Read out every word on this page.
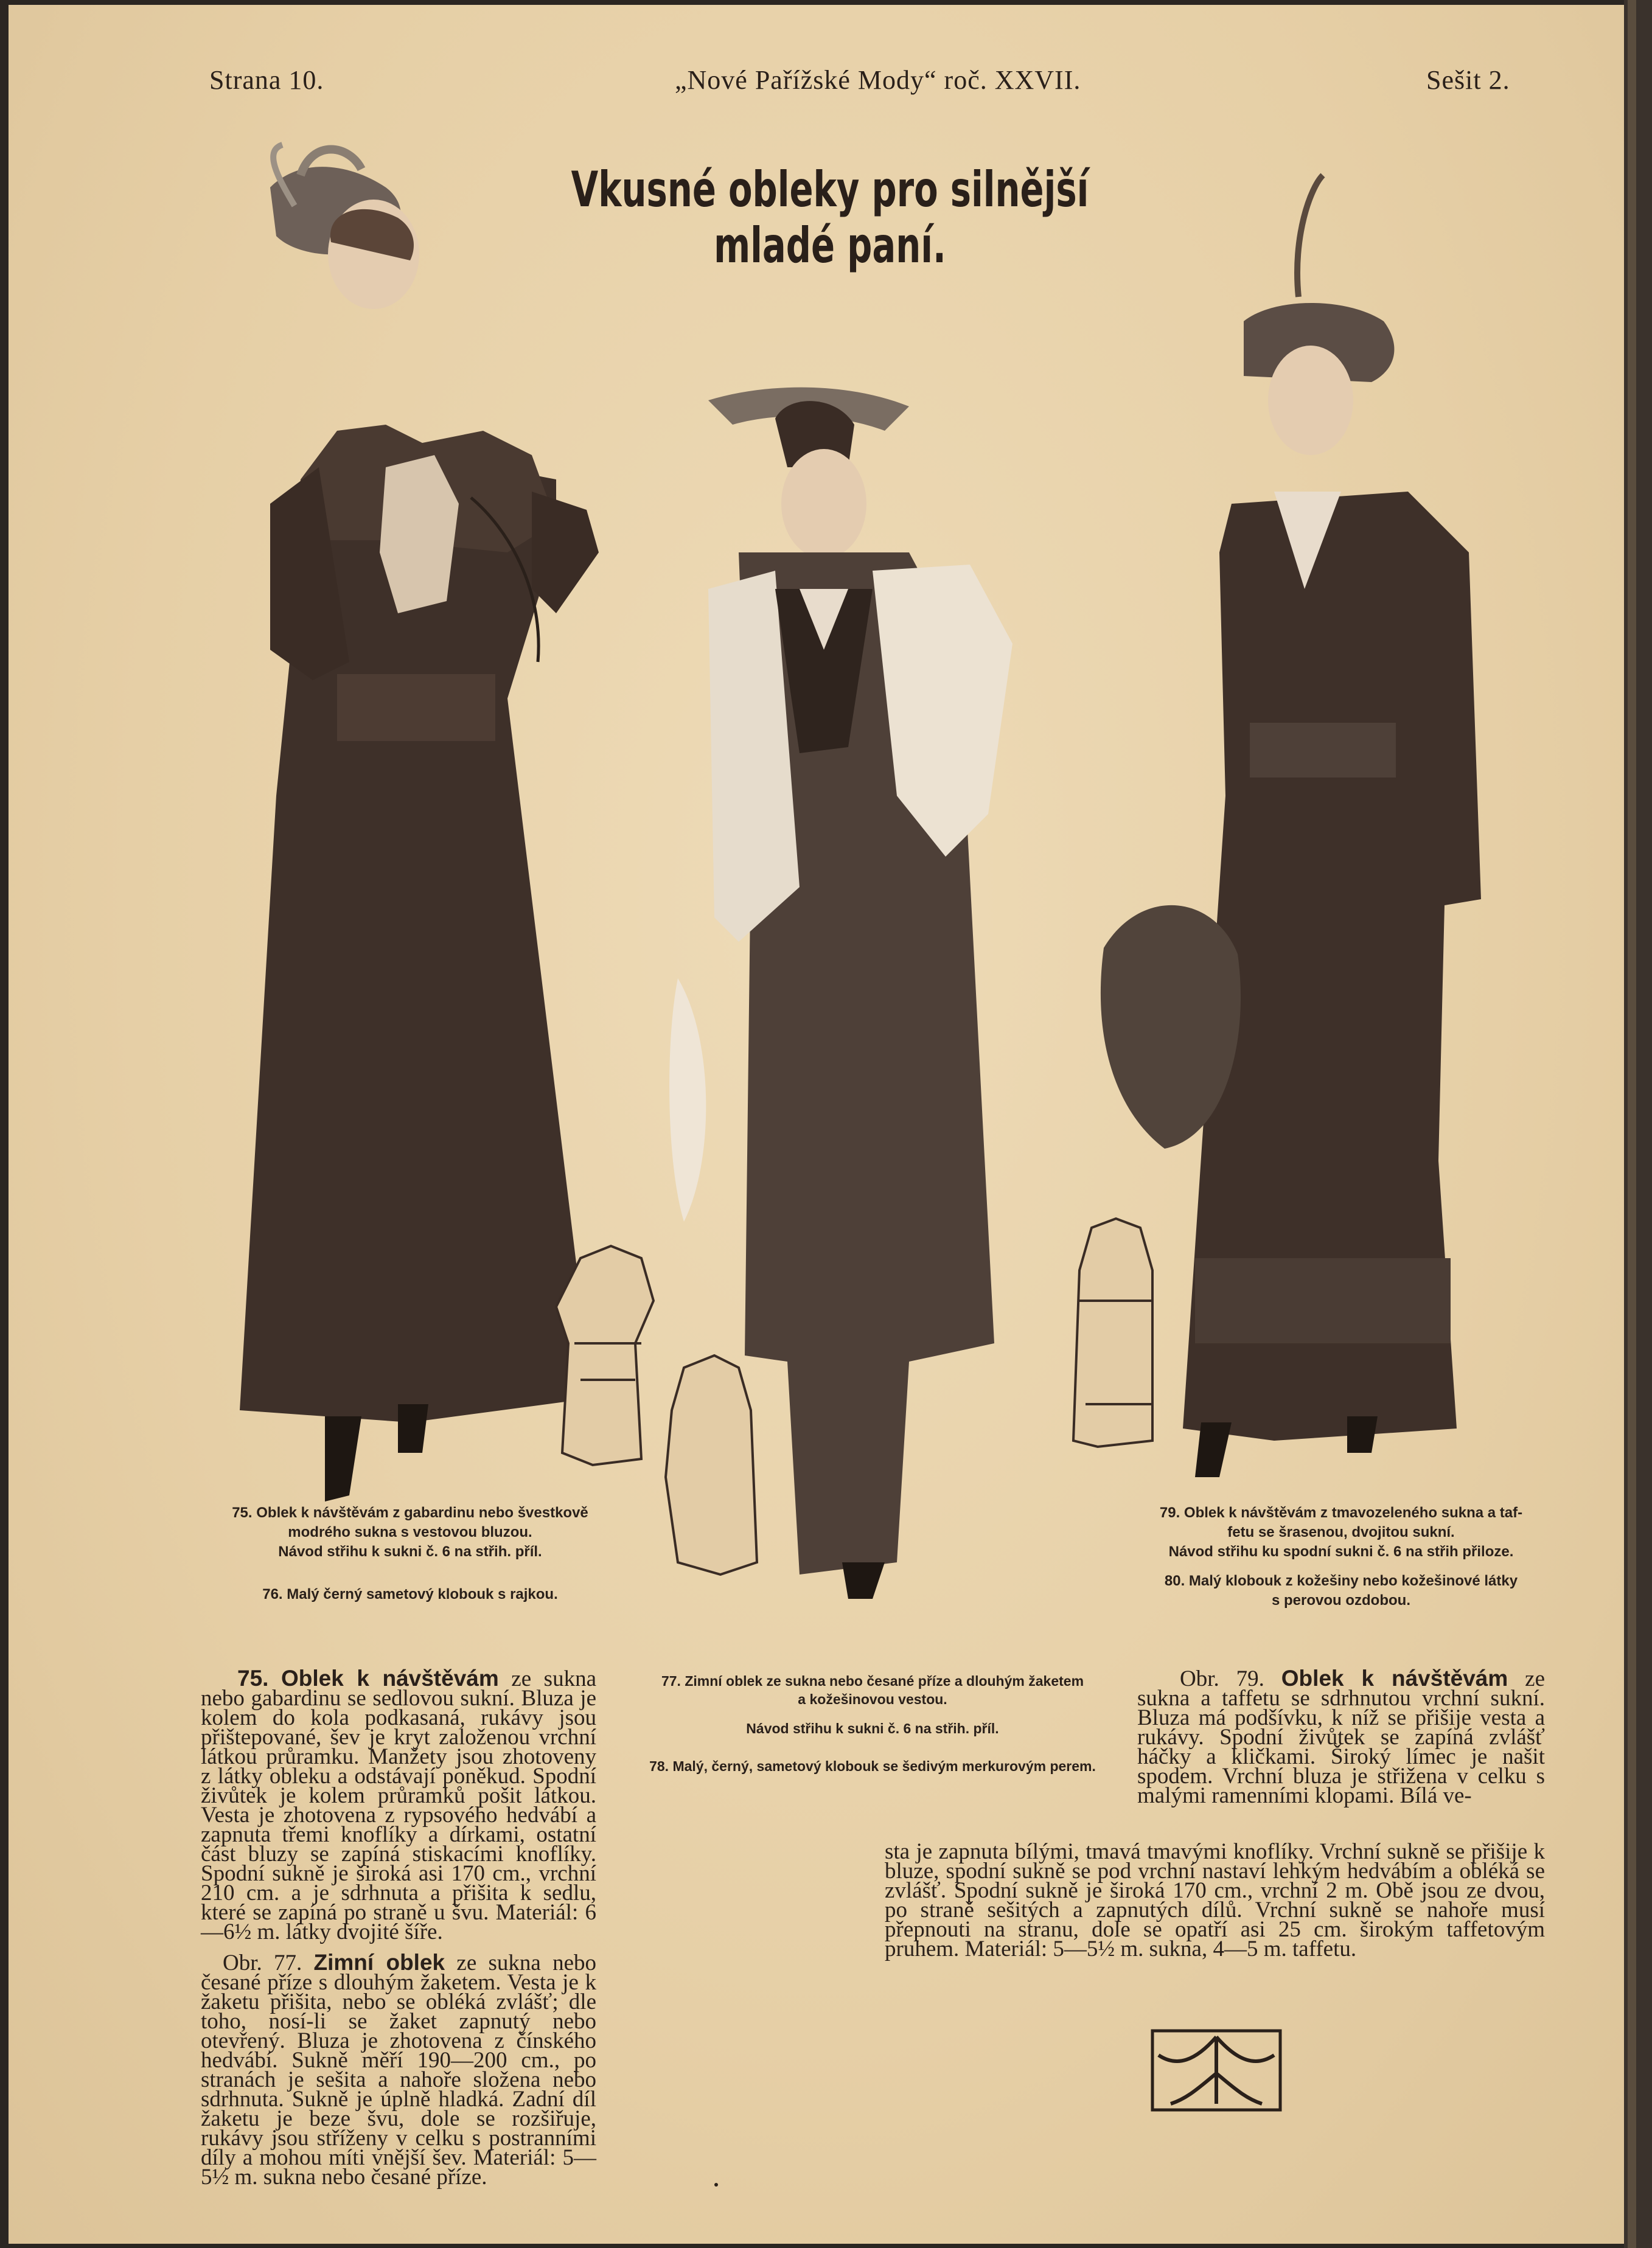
Strana 10.	„Nové Pařížské Mody“ roč. XXVII.	Sešit 2.
Vkusné obleky pro silnější
mladé paní.
75. Oblek k návštěvám z gabardinu nebo švestkově
modrého sukna s vestovou bluzou.
Návod střihu k sukni č. 6 na střih. příl.
76. Malý černý sametový klobouk s rajkou.
79. Oblek k návštěvám z tmavozeleného sukna a taf-
fetu se šrasenou, dvojitou sukní.
Návod střihu ku spodní sukni č. 6 na střih přiloze.
80. Malý klobouk z kožešiny nebo kožešinové látky
s perovou ozdobou.

75. Oblek k návštěvám ze sukna nebo gabardinu se sedlovou sukní. Bluza je kolem do kola podkasaná, rukávy jsou přištepované, šev je kryt založenou vrchní látkou průramku. Manžety jsou zhotoveny z látky obleku a odstávají poněkud. Spodní živůtek je kolem průramků pošit látkou. Vesta je zhotovena z rypsového hedvábí a zapnuta třemi knoflíky a dírkami, ostatní část bluzy se zapíná stiskacími knoflíky. Spodní sukně je široká asi 170 cm., vrchní 210 cm. a je sdrhnuta a přišita k sedlu, které se zapíná po straně u švu. Materiál: 6—6½ m. látky dvojité šíře.

Obr. 77. Zimní oblek ze sukna nebo česané příze s dlouhým žaketem. Vesta je k žaketu přišita, nebo se obléká zvlášť; dle toho, nosí-li se žaket zapnutý nebo otevřený. Bluza je zhotovena z čínského hedvábí. Sukně měří 190—200 cm., po stranách je sešita a nahoře složena nebo sdrhnuta. Sukně je úplně hladká. Zadní díl žaketu je beze švu, dole se rozšiřuje, rukávy jsou stříženy v celku s postranními díly a mohou míti vnější šev. Materiál: 5—5½ m. sukna nebo česané příze.

77. Zimní oblek ze sukna nebo česané příze a dlouhým žaketem
a kožešinovou vestou.
Návod střihu k sukni č. 6 na střih. příl.
78. Malý, černý, sametový klobouk se šedivým merkurovým perem.

Obr. 79. Oblek k návštěvám ze sukna a taffetu se sdrhnutou vrchní sukní. Bluza má podšívku, k níž se přišije vesta a rukávy. Spodní živůtek se zapíná zvlášť háčky a kličkami. Široký límec je našit spodem. Vrchní bluza je střižena v celku s malými ramenními klopami. Bílá ve-

sta je zapnuta bílými, tmavá tmavými knoflíky. Vrchní sukně se přišije k bluze, spodní sukně se pod vrchní nastaví lehkým hedvábím a obléká se zvlášť. Spodní sukně je široká 170 cm., vrchní 2 m. Obě jsou ze dvou, po straně sešitých a zapnutých dílů. Vrchní sukně se nahoře musí přepnouti na stranu, dole se opatří asi 25 cm. širokým taffetovým pruhem. Materiál: 5—5½ m. sukna, 4—5 m. taffetu.
